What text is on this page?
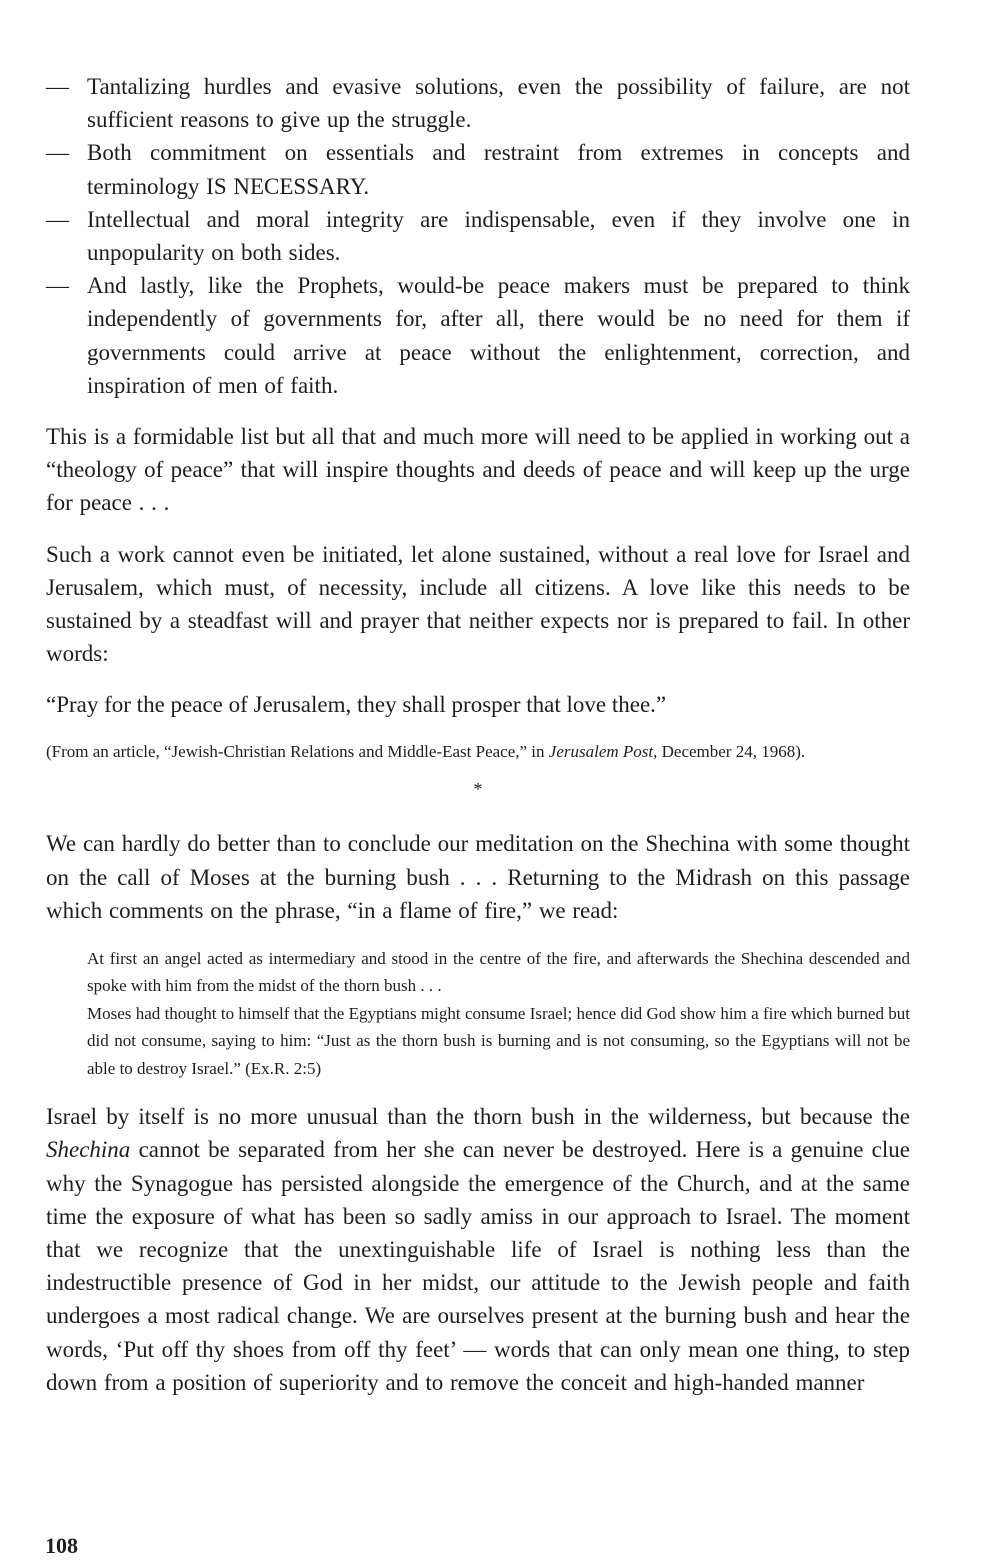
— Tantalizing hurdles and evasive solutions, even the possibility of failure, are not sufficient reasons to give up the struggle.
— Both commitment on essentials and restraint from extremes in concepts and terminology IS NECESSARY.
— Intellectual and moral integrity are indispensable, even if they involve one in unpopularity on both sides.
— And lastly, like the Prophets, would-be peace makers must be prepared to think independently of governments for, after all, there would be no need for them if governments could arrive at peace without the enlightenment, correction, and inspiration of men of faith.

This is a formidable list but all that and much more will need to be applied in working out a “theology of peace” that will inspire thoughts and deeds of peace and will keep up the urge for peace . . .

Such a work cannot even be initiated, let alone sustained, without a real love for Israel and Jerusalem, which must, of necessity, include all citizens. A love like this needs to be sustained by a steadfast will and prayer that neither expects nor is prepared to fail. In other words:

“Pray for the peace of Jerusalem, they shall prosper that love thee.”

(From an article, “Jewish-Christian Relations and Middle-East Peace,” in Jerusalem Post, December 24, 1968).

*

We can hardly do better than to conclude our meditation on the Shechina with some thought on the call of Moses at the burning bush . . . Returning to the Midrash on this passage which comments on the phrase, “in a flame of fire,” we read:

At first an angel acted as intermediary and stood in the centre of the fire, and afterwards the Shechina descended and spoke with him from the midst of the thorn bush . . .

Moses had thought to himself that the Egyptians might consume Israel; hence did God show him a fire which burned but did not consume, saying to him: “Just as the thorn bush is burning and is not consuming, so the Egyptians will not be able to destroy Israel.” (Ex.R. 2:5)

Israel by itself is no more unusual than the thorn bush in the wilderness, but because the Shechina cannot be separated from her she can never be destroyed. Here is a genuine clue why the Synagogue has persisted alongside the emergence of the Church, and at the same time the exposure of what has been so sadly amiss in our approach to Israel. The moment that we recognize that the unextinguishable life of Israel is nothing less than the indestructible presence of God in her midst, our attitude to the Jewish people and faith undergoes a most radical change. We are ourselves present at the burning bush and hear the words, ‘Put off thy shoes from off thy feet’ — words that can only mean one thing, to step down from a position of superiority and to remove the conceit and high-handed manner

108
